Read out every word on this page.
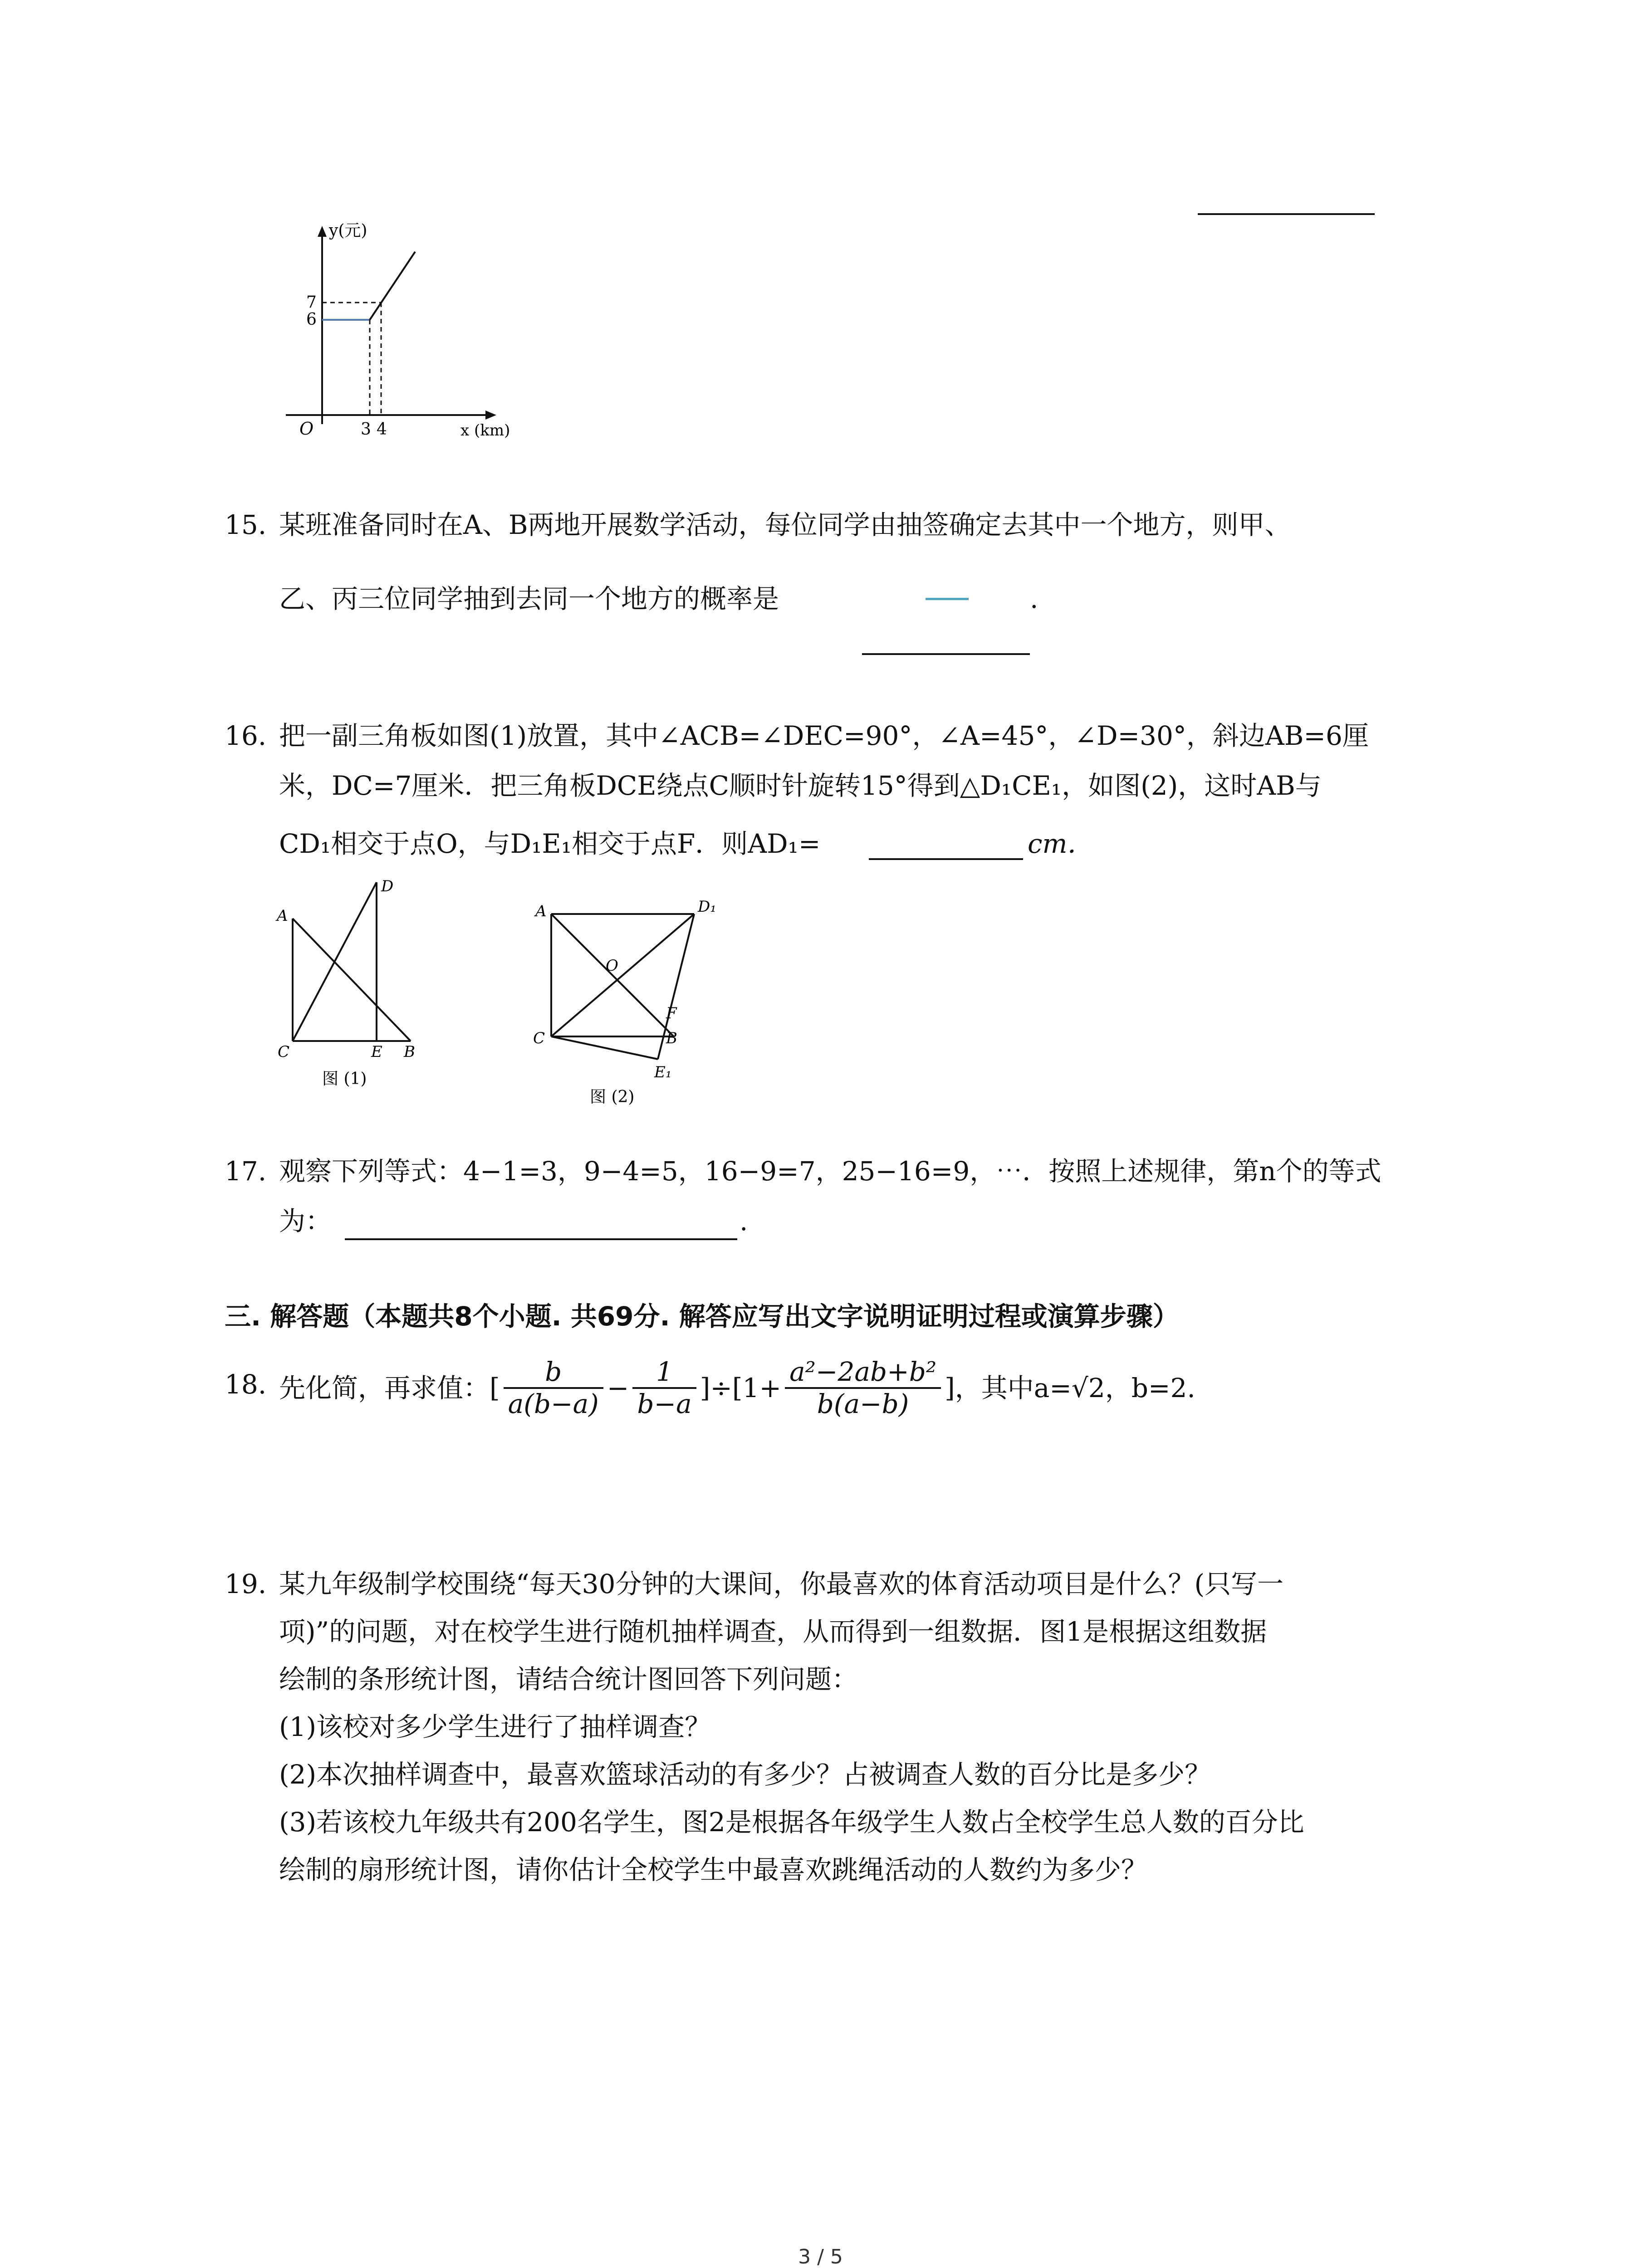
y(元)
7
6
O	3 4	x (km)
15. 某班准备同时在A、B两地开展数学活动，每位同学由抽签确定去其中一个地方，则甲、
乙、丙三位同学抽到去同一个地方的概率是	.
16. 把一副三角板如图(1)放置，其中∠ACB=∠DEC=90°，∠A=45°，∠D=30°，斜边AB=6厘
米，DC=7厘米．把三角板DCE绕点C顺时针旋转15°得到△D₁CE₁，如图(2)，这时AB与
CD₁相交于点O，与D₁E₁相交于点F．则AD₁=	cm．
A
D
C	E B
图 (1)
A	D₁
O
F
C	B
E₁
图 (2)
17. 观察下列等式：4−1=3，9−4=5，16−9=7，25−16=9，⋯．按照上述规律，第n个的等式
为：	.
三. 解答题（本题共8个小题. 共69分. 解答应写出文字说明证明过程或演算步骤）
18. 先化简，再求值：[ $\frac{b}{a(b-a)} - \frac{1}{b-a} ]\div[1+ \frac{\text{a²−2ab+b²}}{b(a-b)}$ ]，其中a=√2，b=2.
19. 某九年级制学校围绕“每天30分钟的大课间，你最喜欢的体育活动项目是什么？(只写一
项)”的问题，对在校学生进行随机抽样调查，从而得到一组数据．图1是根据这组数据
绘制的条形统计图，请结合统计图回答下列问题：
(1)该校对多少学生进行了抽样调查？
(2)本次抽样调查中，最喜欢篮球活动的有多少？占被调查人数的百分比是多少？
(3)若该校九年级共有200名学生，图2是根据各年级学生人数占全校学生总人数的百分比
绘制的扇形统计图，请你估计全校学生中最喜欢跳绳活动的人数约为多少？
3 / 5
